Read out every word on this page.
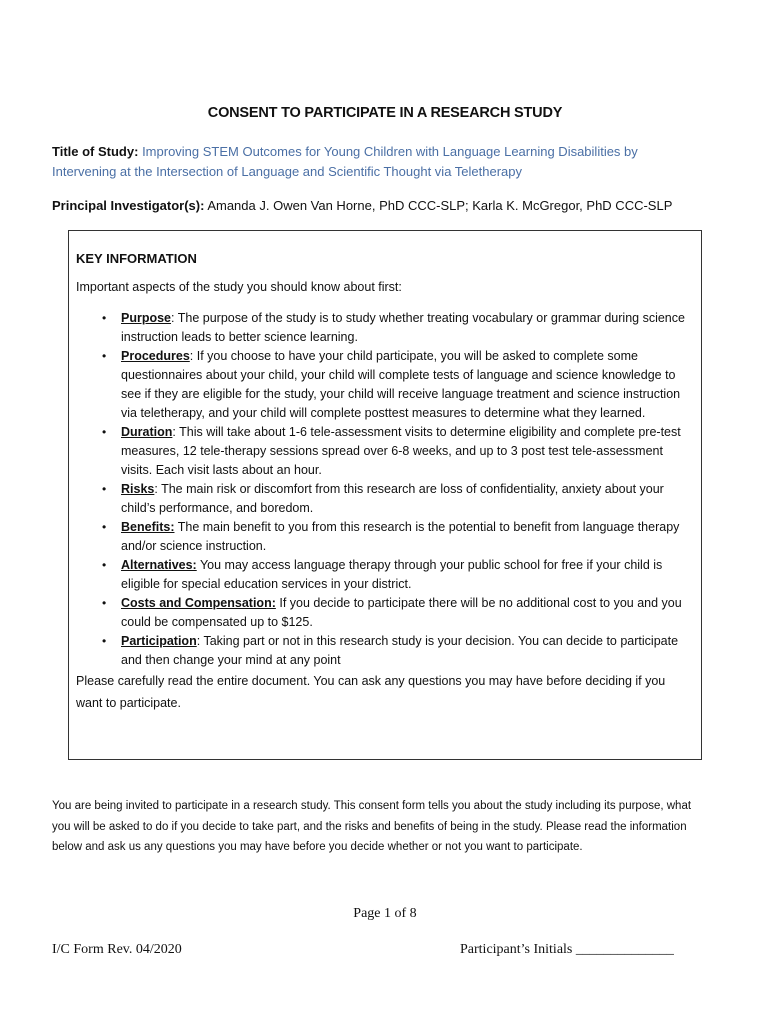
CONSENT TO PARTICIPATE IN A RESEARCH STUDY
Title of Study: Improving STEM Outcomes for Young Children with Language Learning Disabilities by Intervening at the Intersection of Language and Scientific Thought via Teletherapy
Principal Investigator(s): Amanda J. Owen Van Horne, PhD CCC-SLP; Karla K. McGregor, PhD CCC-SLP

KEY INFORMATION

Important aspects of the study you should know about first:

• Purpose: The purpose of the study is to study whether treating vocabulary or grammar during science instruction leads to better science learning.
• Procedures: If you choose to have your child participate, you will be asked to complete some questionnaires about your child, your child will complete tests of language and science knowledge to see if they are eligible for the study, your child will receive language treatment and science instruction via teletherapy, and your child will complete posttest measures to determine what they learned.
• Duration: This will take about 1-6 tele-assessment visits to determine eligibility and complete pre-test measures, 12 tele-therapy sessions spread over 6-8 weeks, and up to 3 post test tele-assessment visits. Each visit lasts about an hour.
• Risks: The main risk or discomfort from this research are loss of confidentiality, anxiety about your child’s performance, and boredom.
• Benefits: The main benefit to you from this research is the potential to benefit from language therapy and/or science instruction.
• Alternatives: You may access language therapy through your public school for free if your child is eligible for special education services in your district.
• Costs and Compensation: If you decide to participate there will be no additional cost to you and you could be compensated up to $125.
• Participation: Taking part or not in this research study is your decision. You can decide to participate and then change your mind at any point

Please carefully read the entire document. You can ask any questions you may have before deciding if you want to participate.

You are being invited to participate in a research study. This consent form tells you about the study including its purpose, what you will be asked to do if you decide to take part, and the risks and benefits of being in the study. Please read the information below and ask us any questions you may have before you decide whether or not you want to participate.
Page 1 of 8
I/C Form Rev. 04/2020	Participant’s Initials ______________
